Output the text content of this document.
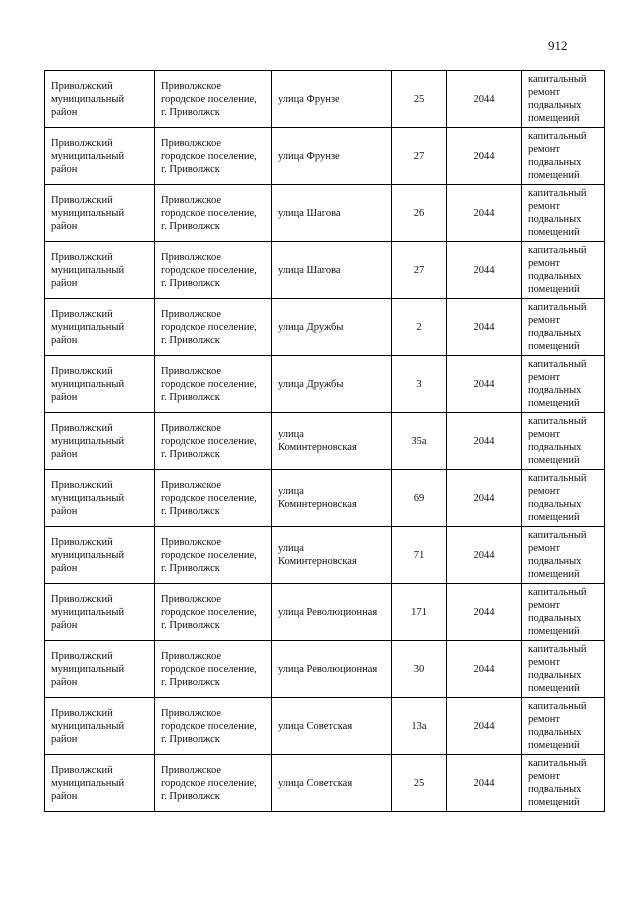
912
Приволжский муниципальный район	Приволжское городское поселение, г. Приволжск	улица Фрунзе	25	2044	капитальный ремонт подвальных помещений
Приволжский муниципальный район	Приволжское городское поселение, г. Приволжск	улица Фрунзе	27	2044	капитальный ремонт подвальных помещений
Приволжский муниципальный район	Приволжское городское поселение, г. Приволжск	улица Шагова	26	2044	капитальный ремонт подвальных помещений
Приволжский муниципальный район	Приволжское городское поселение, г. Приволжск	улица Шагова	27	2044	капитальный ремонт подвальных помещений
Приволжский муниципальный район	Приволжское городское поселение, г. Приволжск	улица Дружбы	2	2044	капитальный ремонт подвальных помещений
Приволжский муниципальный район	Приволжское городское поселение, г. Приволжск	улица Дружбы	3	2044	капитальный ремонт подвальных помещений
Приволжский муниципальный район	Приволжское городское поселение, г. Приволжск	улица Коминтерновская	35а	2044	капитальный ремонт подвальных помещений
Приволжский муниципальный район	Приволжское городское поселение, г. Приволжск	улица Коминтерновская	69	2044	капитальный ремонт подвальных помещений
Приволжский муниципальный район	Приволжское городское поселение, г. Приволжск	улица Коминтерновская	71	2044	капитальный ремонт подвальных помещений
Приволжский муниципальный район	Приволжское городское поселение, г. Приволжск	улица Революционная	171	2044	капитальный ремонт подвальных помещений
Приволжский муниципальный район	Приволжское городское поселение, г. Приволжск	улица Революционная	30	2044	капитальный ремонт подвальных помещений
Приволжский муниципальный район	Приволжское городское поселение, г. Приволжск	улица Советская	13а	2044	капитальный ремонт подвальных помещений
Приволжский муниципальный район	Приволжское городское поселение, г. Приволжск	улица Советская	25	2044	капитальный ремонт подвальных помещений
